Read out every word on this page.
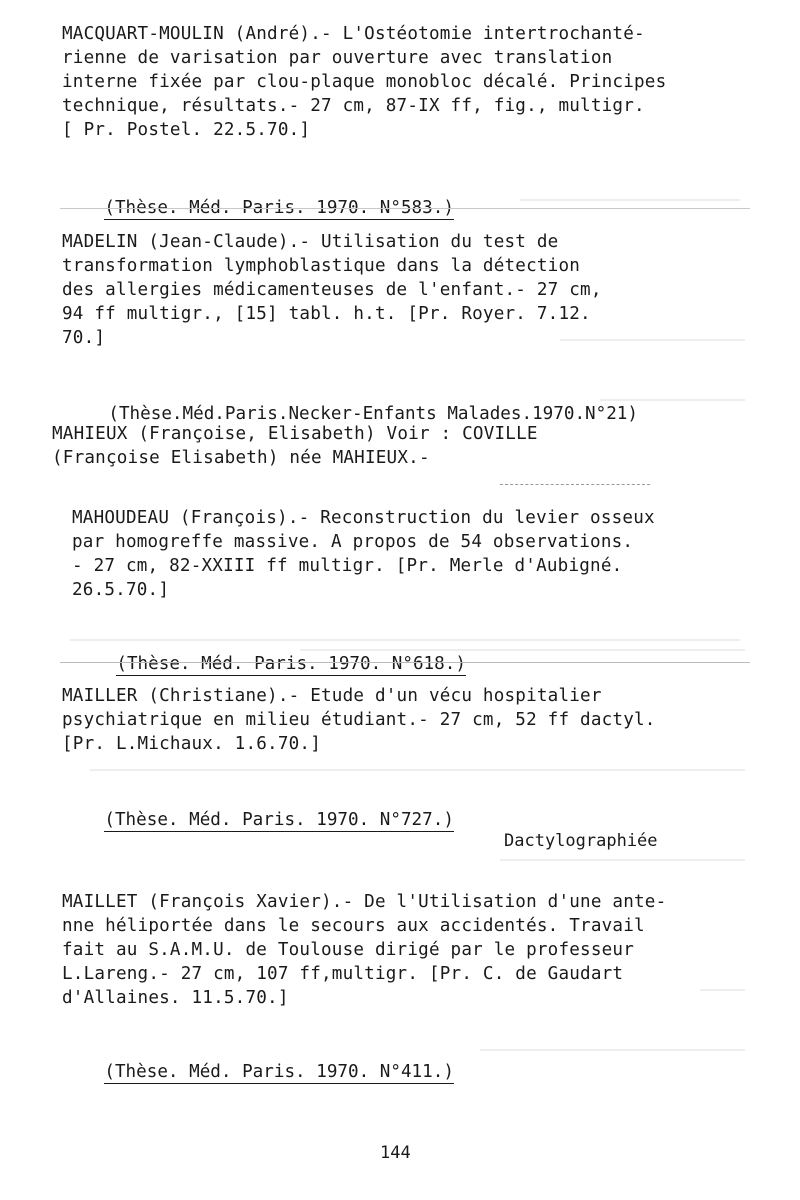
MACQUART-MOULIN (André).- L'Ostéotomie intertrochanté-
rienne de varisation par ouverture avec translation
interne fixée par clou-plaque monobloc décalé. Principes
technique, résultats.- 27 cm, 87-IX ff, fig., multigr.
[ Pr. Postel. 22.5.70.]

(Thèse. Méd. Paris. 1970. N°583.)

MADELIN (Jean-Claude).- Utilisation du test de
transformation lymphoblastique dans la détection
des allergies médicamenteuses de l'enfant.- 27 cm,
94 ff multigr., [15] tabl. h.t. [Pr. Royer. 7.12.
70.]

(Thèse.Méd.Paris.Necker-Enfants Malades.1970.N°21)

MAHIEUX (Françoise, Elisabeth) Voir : COVILLE
(Françoise Elisabeth) née MAHIEUX.-
MAHOUDEAU (François).- Reconstruction du levier osseux
par homogreffe massive. A propos de 54 observations.
- 27 cm, 82-XXIII ff multigr. [Pr. Merle d'Aubigné.
26.5.70.]

(Thèse. Méd. Paris. 1970. N°618.)

MAILLER (Christiane).- Etude d'un vécu hospitalier
psychiatrique en milieu étudiant.- 27 cm, 52 ff dactyl.
[Pr. L.Michaux. 1.6.70.]

(Thèse. Méd. Paris. 1970. N°727.)

Dactylographiée
MAILLET (François Xavier).- De l'Utilisation d'une ante-
nne héliportée dans le secours aux accidentés. Travail
fait au S.A.M.U. de Toulouse dirigé par le professeur
L.Lareng.- 27 cm, 107 ff,multigr. [Pr. C. de Gaudart
d'Allaines. 11.5.70.]

(Thèse. Méd. Paris. 1970. N°411.)

144
